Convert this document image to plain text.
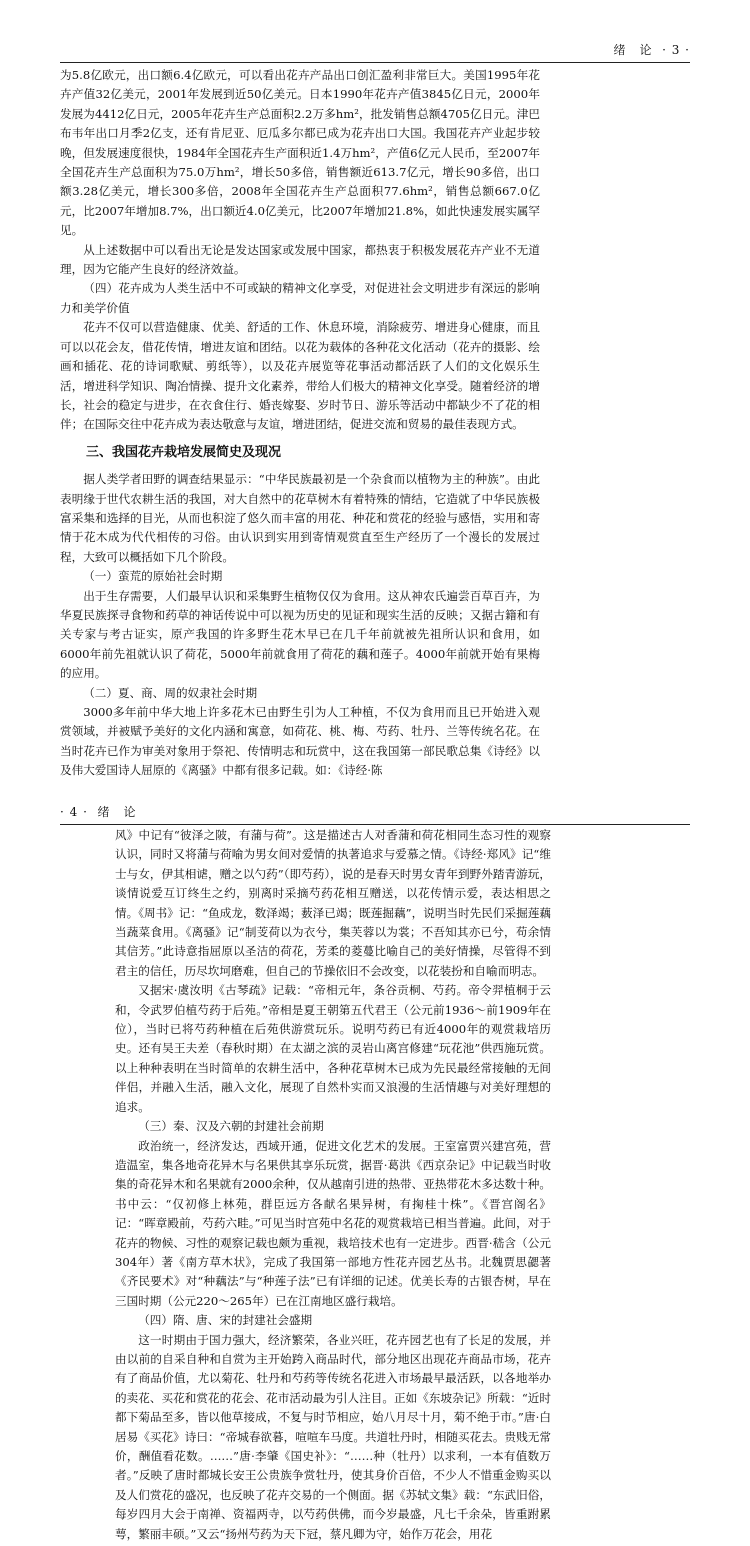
绪　论 · 3 ·

为5.8亿欧元，出口额6.4亿欧元，可以看出花卉产品出口创汇盈利非常巨大。美国1995年花卉产值32亿美元，2001年发展到近50亿美元。日本1990年花卉产值3845亿日元，2000年发展为4412亿日元，2005年花卉生产总面积2.2万多hm²，批发销售总额4705亿日元。津巴布韦年出口月季2亿支，还有肯尼亚、厄瓜多尔都已成为花卉出口大国。我国花卉产业起步较晚，但发展速度很快，1984年全国花卉生产面积近1.4万hm²，产值6亿元人民币，至2007年全国花卉生产总面积为75.0万hm²，增长50多倍，销售额近613.7亿元，增长90多倍，出口额3.28亿美元，增长300多倍，2008年全国花卉生产总面积77.6hm²，销售总额667.0亿元，比2007年增加8.7%，出口额近4.0亿美元，比2007年增加21.8%，如此快速发展实属罕见。

从上述数据中可以看出无论是发达国家或发展中国家，都热衷于积极发展花卉产业不无道理，因为它能产生良好的经济效益。

（四）花卉成为人类生活中不可或缺的精神文化享受，对促进社会文明进步有深远的影响力和美学价值

花卉不仅可以营造健康、优美、舒适的工作、休息环境，消除疲劳、增进身心健康，而且可以以花会友，借花传情，增进友谊和团结。以花为载体的各种花文化活动（花卉的摄影、绘画和插花、花的诗词歌赋、剪纸等），以及花卉展览等花事活动都活跃了人们的文化娱乐生活，增进科学知识、陶冶情操、提升文化素养，带给人们极大的精神文化享受。随着经济的增长，社会的稳定与进步，在衣食住行、婚丧嫁娶、岁时节日、游乐等活动中都缺少不了花的相伴；在国际交往中花卉成为表达敬意与友谊，增进团结，促进交流和贸易的最佳表现方式。

三、我国花卉栽培发展简史及现况

据人类学者田野的调查结果显示：“中华民族最初是一个杂食而以植物为主的种族”。由此表明缘于世代农耕生活的我国，对大自然中的花草树木有着特殊的情结，它造就了中华民族极富采集和选择的目光，从而也积淀了悠久而丰富的用花、种花和赏花的经验与感悟，实用和寄情于花木成为代代相传的习俗。由认识到实用到寄情观赏直至生产经历了一个漫长的发展过程，大致可以概括如下几个阶段。

（一）蛮荒的原始社会时期

出于生存需要，人们最早认识和采集野生植物仅仅为食用。这从神农氏遍尝百草百卉，为华夏民族探寻食物和药草的神话传说中可以视为历史的见证和现实生活的反映；又据古籍和有关专家与考古证实，原产我国的许多野生花木早已在几千年前就被先祖所认识和食用，如6000年前先祖就认识了荷花，5000年前就食用了荷花的藕和莲子。4000年前就开始有果梅的应用。

（二）夏、商、周的奴隶社会时期

3000多年前中华大地上许多花木已由野生引为人工种植，不仅为食用而且已开始进入观赏领域，并被赋予美好的文化内涵和寓意，如荷花、桃、梅、芍药、牡丹、兰等传统名花。在当时花卉已作为审美对象用于祭祀、传情明志和玩赏中，这在我国第一部民歌总集《诗经》以及伟大爱国诗人屈原的《离骚》中都有很多记载。如：《诗经·陈

· 4 · 绪　论

风》中记有“彼泽之陂，有蒲与荷”。这是描述古人对香蒲和荷花相同生态习性的观察认识，同时又将蒲与荷喻为男女间对爱情的执著追求与爱慕之情。《诗经·郑风》记“维士与女，伊其相谑，赠之以勺药”（即芍药），说的是春天时男女青年到野外踏青游玩，谈情说爱互订终生之约，别离时采摘芍药花相互赠送，以花传情示爱，表达相思之情。《周书》记：“鱼成龙，数泽竭；薮泽已竭；既莲掘藕”，说明当时先民们采掘莲藕当蔬菜食用。《离骚》记“制芰荷以为衣兮，集芙蓉以为裳；不吾知其亦已兮，苟余情其信芳。”此诗意指屈原以圣洁的荷花，芳柔的菱蔓比喻自己的美好情操，尽管得不到君主的信任，历尽坎坷磨难，但自己的节操依旧不会改变，以花装扮和自喻而明志。

又据宋·虞汝明《古琴疏》记载：“帝相元年，条谷贡桐、芍药。帝令羿植桐于云和，令武罗伯植芍药于后苑。”帝相是夏王朝第五代君王（公元前1936～前1909年在位），当时已将芍药种植在后苑供游赏玩乐。说明芍药已有近4000年的观赏栽培历史。还有吴王夫差（春秋时期）在太湖之滨的灵岩山离宫修建“玩花池”供西施玩赏。以上种种表明在当时简单的农耕生活中，各种花草树木已成为先民最经常接触的无间伴侣，并融入生活，融入文化，展现了自然朴实而又浪漫的生活情趣与对美好理想的追求。

（三）秦、汉及六朝的封建社会前期

政治统一，经济发达，西域开通，促进文化艺术的发展。王室富贾兴建宫苑，营造温室，集各地奇花异木与名果供其享乐玩赏，据晋·葛洪《西京杂记》中记载当时收集的奇花异木和名果就有2000余种，仅从越南引进的热带、亚热带花木多达数十种。书中云：“仅初修上林苑，群臣远方各献名果异树，有掬桂十株”。《晋宫阁名》记：“晖章殿前，芍药六畦。”可见当时宫苑中名花的观赏栽培已相当普遍。此间，对于花卉的物候、习性的观察记载也颇为重视，栽培技术也有一定进步。西晋·嵇含（公元304年）著《南方草木状》，完成了我国第一部地方性花卉园艺丛书。北魏贾思勰著《齐民要术》对“种藕法”与“种莲子法”已有详细的记述。优美长寿的古银杏树，早在三国时期（公元220～265年）已在江南地区盛行栽培。

（四）隋、唐、宋的封建社会盛期

这一时期由于国力强大，经济繁荣，各业兴旺，花卉园艺也有了长足的发展，并由以前的自采自种和自赏为主开始跨入商品时代，部分地区出现花卉商品市场，花卉有了商品价值，尤以菊花、牡丹和芍药等传统名花进入市场最早最活跃，以各地举办的卖花、买花和赏花的花会、花市活动最为引人注目。正如《东坡杂记》所载：“近时都下菊品至多，皆以他草接成，不复与时节相应，始八月尽十月，菊不绝于市。”唐·白居易《买花》诗曰：“帝城春欲暮，喧喧车马度。共道牡丹时，相随买花去。贵贱无常价，酬值看花数。……”唐·李肇《国史补》：“……种（牡丹）以求利，一本有值数万者。”反映了唐时都城长安王公贵族争赏牡丹，使其身价百倍，不少人不惜重金购买以及人们赏花的盛况，也反映了花卉交易的一个侧面。据《苏轼文集》载：“东武旧俗，每岁四月大会于南禅、资福两寺，以芍药供佛，而今岁最盛，凡七千余朵，皆重跗累萼，繁丽丰硕。”又云“扬州芍药为天下冠，蔡凡卿为守，始作万花会，用花
